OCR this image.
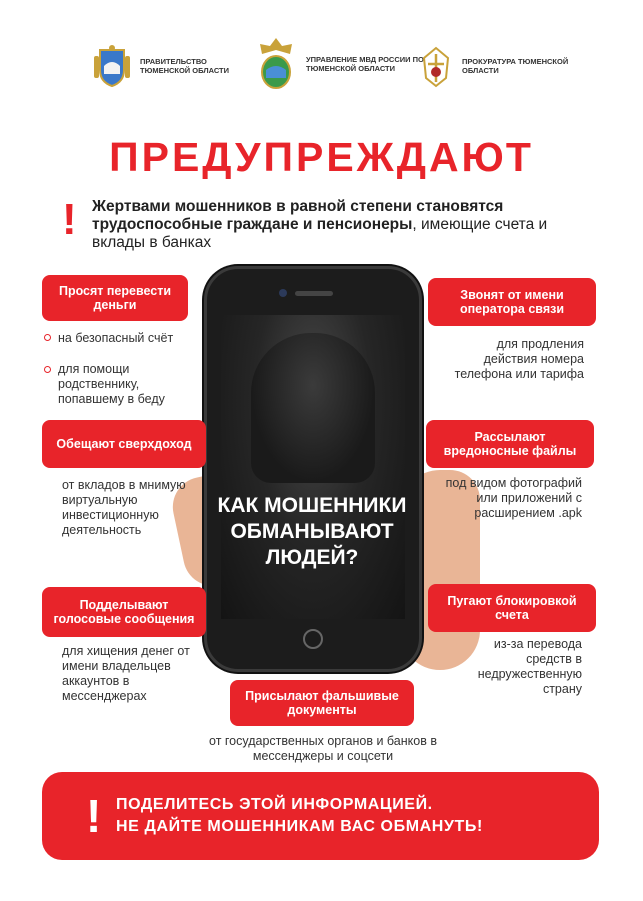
ПРАВИТЕЛЬСТВО ТЮМЕНСКОЙ ОБЛАСТИ
УПРАВЛЕНИЕ МВД РОССИИ ПО ТЮМЕНСКОЙ ОБЛАСТИ
ПРОКУРАТУРА ТЮМЕНСКОЙ ОБЛАСТИ
ПРЕДУПРЕЖДАЮТ
! Жертвами мошенников в равной степени становятся трудоспособные граждане и пенсионеры, имеющие счета и вклады в банках
КАК МОШЕННИКИ ОБМАНЫВАЮТ ЛЮДЕЙ?
Просят перевести деньги
на безопасный счёт
для помощи родственнику, попавшему в беду
Обещают сверхдоход
от вкладов в мнимую виртуальную инвестиционную деятельность
Подделывают голосовые сообщения
для хищения денег от имени владельцев аккаунтов в мессенджерах
Звонят от имени оператора связи
для продления действия номера телефона или тарифа
Рассылают вредоносные файлы
под видом фотографий или приложений с расширением .apk
Пугают блокировкой счета
из-за перевода средств в недружественную страну
Присылают фальшивые документы
от государственных органов и банков в мессенджеры и соцсети
! ПОДЕЛИТЕСЬ ЭТОЙ ИНФОРМАЦИЕЙ.
НЕ ДАЙТЕ МОШЕННИКАМ ВАС ОБМАНУТЬ!
